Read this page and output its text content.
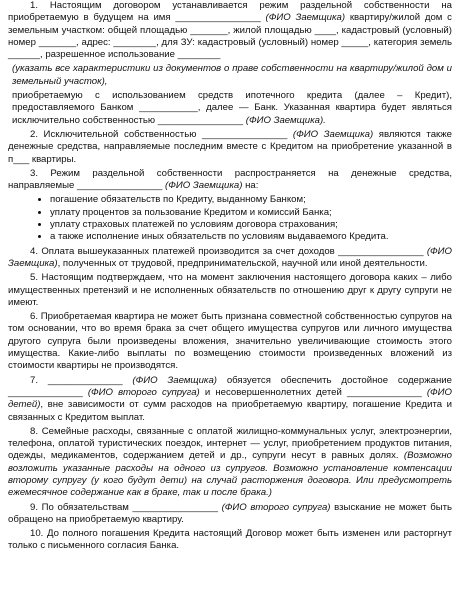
1. Настоящим договором устанавливается режим раздельной собственности на приобретаемую в будущем на имя ________________ (ФИО Заемщика) квартиру/жилой дом с земельным участком: общей площадью _______, жилой площадью ____, кадастровый (условный) номер _______, адрес: ________, для ЗУ: кадастровый (условный) номер _____, категория земель ______, разрешенное использование ________

(указать все характеристики из документов о праве собственности на квартиру/жилой дом и земельный участок),

приобретаемую с использованием средств ипотечного кредита (далее – Кредит), предоставляемого Банком ___________, далее — Банк. Указанная квартира будет являться исключительно собственностью ________________ (ФИО Заемщика).

2. Исключительной собственностью ________________ (ФИО Заемщика) являются также денежные средства, направляемые последним вместе с Кредитом на приобретение указанной в п___ квартиры.

3. Режим раздельной собственности распространяется на денежные средства, направляемые ________________ (ФИО Заемщика) на:

• погашение обязательств по Кредиту, выданному Банком;
• уплату процентов за пользование Кредитом и комиссий Банка;
• уплату страховых платежей по условиям договора страхования;
• а также исполнение иных обязательств по условиям выдаваемого Кредита.

4. Оплата вышеуказанных платежей производится за счет доходов ________________ (ФИО Заемщика), полученных от трудовой, предпринимательской, научной или иной деятельности.

5. Настоящим подтверждаем, что на момент заключения настоящего договора каких – либо имущественных претензий и не исполненных обязательств по отношению друг к другу супруги не имеют.

6. Приобретаемая квартира не может быть признана совместной собственностью супругов на том основании, что во время брака за счет общего имущества супругов или личного имущества другого супруга были произведены вложения, значительно увеличивающие стоимость этого имущества. Какие-либо выплаты по возмещению стоимости произведенных вложений из стоимости квартиры не производятся.

7. ______________ (ФИО Заемщика) обязуется обеспечить достойное содержание ______________ (ФИО второго супруга) и несовершеннолетних детей ______________ (ФИО детей), вне зависимости от сумм расходов на приобретаемую квартиру, погашение Кредита и связанных с Кредитом выплат.

8. Семейные расходы, связанные с оплатой жилищно-коммунальных услуг, электроэнергии, телефона, оплатой туристических поездок, интернет — услуг, приобретением продуктов питания, одежды, медикаментов, содержанием детей и др., супруги несут в равных долях. (Возможно возложить указанные расходы на одного из супругов. Возможно установление компенсации второму супругу (у кого будут дети) на случай расторжения договора. Или предусмотреть ежемесячное содержание как в браке, так и после брака.)

9. По обязательствам ________________ (ФИО второго супруга) взыскание не может быть обращено на приобретаемую квартиру.

10. До полного погашения Кредита настоящий Договор может быть изменен или расторгнут только с письменного согласия Банка.
